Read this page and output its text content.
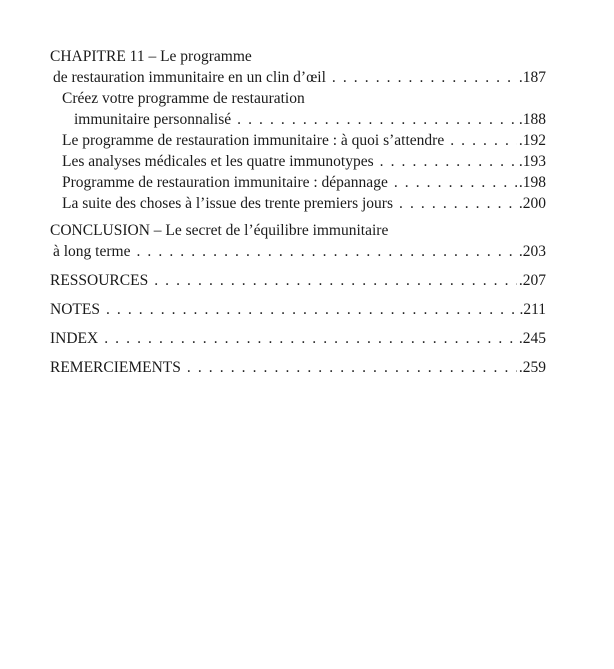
CHAPITRE 11 – Le programme
de restauration immunitaire en un clin d’œil . . .	.187
Créez votre programme de restauration
immunitaire personnalisé . . .	.188
Le programme de restauration immunitaire : à quoi s’attendre . . .	.192
Les analyses médicales et les quatre immunotypes . . .	.193
Programme de restauration immunitaire : dépannage . . .	.198
La suite des choses à l’issue des trente premiers jours . . .	.200
CONCLUSION – Le secret de l’équilibre immunitaire
à long terme . . .	.203
RESSOURCES . . .	.207
NOTES . . .	.211
INDEX . . .	.245
REMERCIEMENTS . . .	.259
